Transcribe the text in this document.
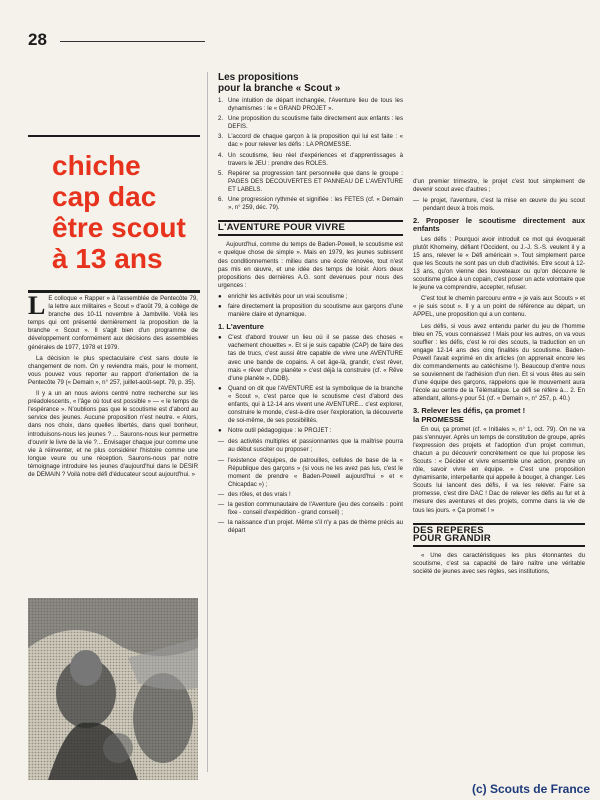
28
chiche
cap dac
être scout
à 13 ans

L E colloque « Rapper » à l'assemblée de Pentecôte 79, la lettre aux militaires « Scout » d'août 79, à collège de branche des 10-11 novembre à Jambville. Voilà les temps qui ont présenté dernièrement la proposition de la branche « Scout ». Il s'agit bien d'un programme de développement conformément aux décisions des assemblées générales de 1977, 1978 et 1979.

La décision le plus spectaculaire c'est sans doute le changement de nom. On y reviendra mais, pour le moment, vous pouvez vous reporter au rapport d'orientation de la Pentecôte 79 (« Demain », n° 257, juillet-août-sept. 79, p. 35).

Il y a un an nous avions centré notre recherche sur les préadolescents, « l'âge où tout est possible » — « le temps de l'espérance ». N'oublions pas que le scoutisme est d'abord au service des jeunes. Aucune proposition n'est neutre. « Alors, dans nos choix, dans quelles libertés, dans quel bonheur, introduisons-nous les jeunes ? ... Saurons-nous leur permettre d'ouvrir le livre de la vie ?... Envisager chaque jour comme une vie à réinventer, et ne plus considérer l'histoire comme une longue veure ou une réception. Saurons-nous par notre témoignage introduire les jeunes d'aujourd'hui dans le DESIR de DEMAIN ? Voilà notre défi d'éducateur scout aujourd'hui. »

Les propositions
pour la branche « Scout »
1. Une intuition de départ inchangée, l'Aventure lieu de tous les dynamismes : le « GRAND PROJET ».
2. Une proposition du scoutisme faite directement aux enfants : les DEFIS.
3. L'accord de chaque garçon à la proposition qui lui est faite : « dac » pour relever les défis : LA PROMESSE.
4. Un scoutisme, lieu réel d'expériences et d'apprentissages à travers le JEU : prendre des ROLES.
5. Repérer sa progression tant personnelle que dans le groupe : PAGES DES DECOUVERTES ET PANNEAU DE L'AVENTURE ET LABELS.
6. Une progression rythmée et signifiée : les FETES (cf. « Demain », n° 259, déc. 79).
L'AVENTURE POUR VIVRE

Aujourd'hui, comme du temps de Baden-Powell, le scoutisme est « quelque chose de simple ». Mais en 1979, les jeunes subissent des conditionnements : milieu dans une école rénovée, tout n'est pas mis en œuvre, et une idée des temps de loisir. Alors deux propositions des dernières A.G. sont devenues pour nous des urgences :

● enrichir les activités pour un vrai scoutisme ;
● faire directement la proposition du scoutisme aux garçons d'une manière claire et dynamique.
1. L'aventure
● C'est d'abord trouver un lieu où il se passe des choses « vachement chouettes ». Et si je suis capable (CAP) de faire des tas de trucs, c'est aussi être capable de vivre une AVENTURE avec une bande de copains. A cet âge-là, grandir, c'est rêver, mais « rêver d'une planète » c'est déjà la construire (cf. « Rêve d'une planète », DDB).
● Quand on dit que l'AVENTURE est la symbolique de la branche « Scout », c'est parce que le scoutisme c'est d'abord des enfants, qui à 12-14 ans vivent une AVENTURE... c'est explorer, construire le monde, c'est-à-dire oser l'exploration, la découverte de soi-même, de ses possibilités.
● Notre outil pédagogique : le PROJET :
— des activités multiples et passionnantes que la maîtrise pourra au début susciter ou proposer ;
— l'existence d'équipes, de patrouilles, cellules de base de la « République des garçons » (si vous ne les avez pas lus, c'est le moment de prendre « Baden-Powell aujourd'hui » et « Chicapdac ») ;
— des rôles, et des vrais !
— la gestion communautaire de l'Aventure (jeu des conseils : point fixe - conseil d'expédition - grand conseil) ;
— la naissance d'un projet. Même s'il n'y a pas de thème précis au départ

d'un premier trimestre, le projet c'est tout simplement de devenir scout avec d'autres ;

— le projet, l'aventure, c'est la mise en œuvre du jeu scout pendant deux à trois mois.
2. Proposer le scoutisme directement aux enfants

Les défis : Pourquoi avoir introduit ce mot qui évoquerait plutôt Khomeiny, défiant l'Occident, ou J.-J. S.-S. veulent il y a 15 ans, relever le « Défi américain ». Tout simplement parce que les Scouts ne sont pas un club d'activités. Etre scout à 12-13 ans, qu'on vienne des louveteaux ou qu'on découvre le scoutisme grâce à un copain, c'est poser un acte volontaire que le jeune va comprendre, accepter, refuser.

C'est tout le chemin parcouru entre « je vais aux Scouts » et « je suis scout ». Il y a un point de référence au départ, un APPEL, une proposition qui a un contenu.

Les défis, si vous avez entendu parler du jeu de l'homme bleu en 75, vous connaissez ! Mais pour les autres, on va vous souffler : les défis, c'est le roi des scouts, la traduction en un engage 12-14 ans des cinq finalités du scoutisme. Baden-Powell l'avait exprimé en dix articles (on apprenait encore les dix commandements au catéchisme !). Beaucoup d'entre nous se souviennent de l'adhésion d'un rien. Et si vous êtes au sein d'une équipe des garçons, rappelons que le mouvement aura l'école au centre de la Télématique. Le défi se réfère à... 2. En attendant, allons-y pour 51 (cf. « Demain », n° 257, p. 40.)

3. Relever les défis, ça promet !
la PROMESSE

En oui, ça promet (cf. « Initiales », n° 1, oct. 79). On ne va pas s'ennuyer. Après un temps de constitution de groupe, après l'expression des projets et l'adoption d'un projet commun, chacun a pu découvrir concrètement ce que lui propose les Scouts : « Décider et vivre ensemble une action, prendre un rôle, savoir vivre en équipe. » C'est une proposition dynamisante, interpellante qui appelle à bouger, à changer. Les Scouts lui lancent des défis, il va les relever. Faire sa promesse, c'est dire DAC ! Dac de relever les défis au fur et à mesure des aventures et des projets, comme dans la vie de tous les jours. « Ça promet ! »

DES REPERES
POUR GRANDIR

« Une des caractéristiques les plus étonnantes du scoutisme, c'est sa capacité de faire naître une véritable société de jeunes avec ses règles, ses institutions,

(c) Scouts de France
